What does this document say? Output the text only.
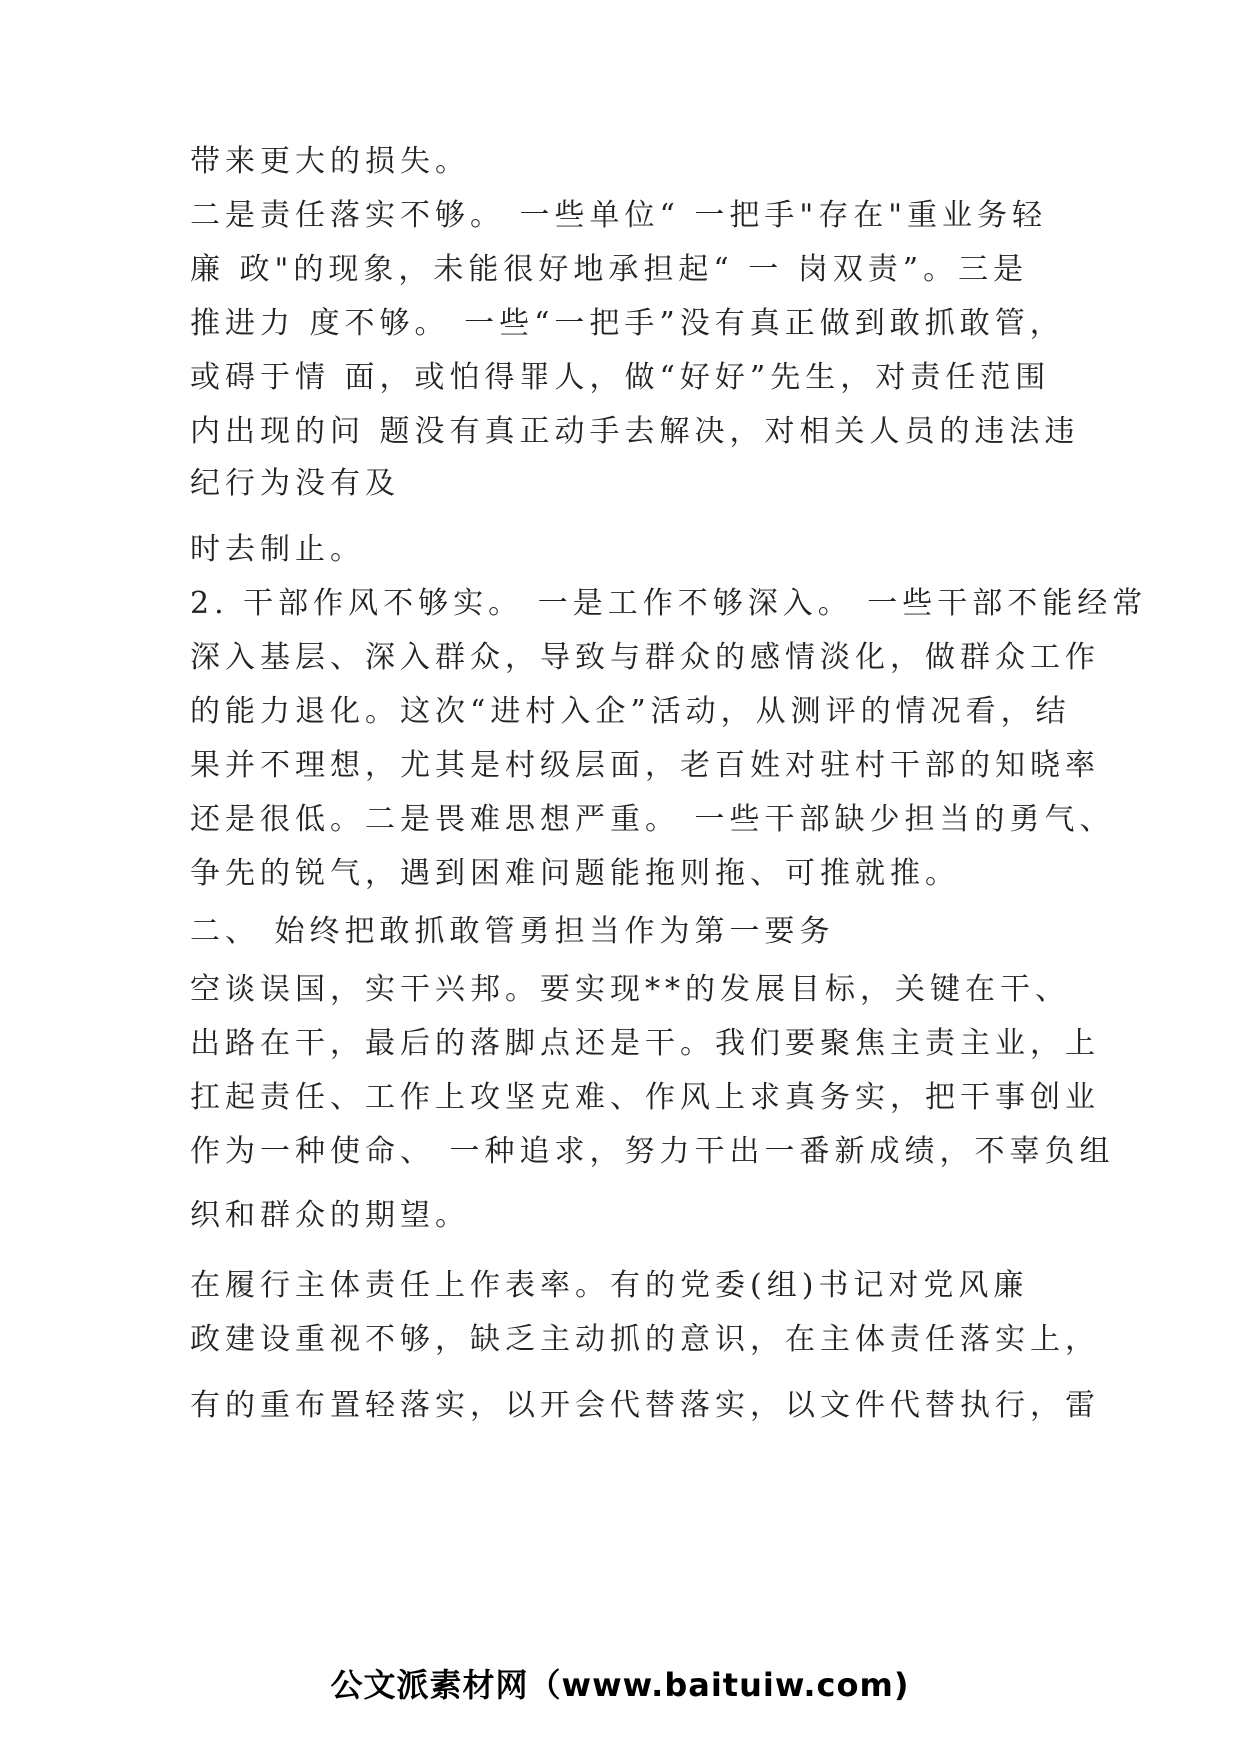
带来更大的损失。
二是责任落实不够。 一些单位“ 一把手"存在"重业务轻
廉 政"的现象，未能很好地承担起“ 一 岗双责”。三是
推进力 度不够。 一些“一把手”没有真正做到敢抓敢管，
或碍于情 面，或怕得罪人，做“好好”先生，对责任范围
内出现的问 题没有真正动手去解决，对相关人员的违法违
纪行为没有及
时去制止。
2. 干部作风不够实。 一是工作不够深入。 一些干部不能经常
深入基层、深入群众，导致与群众的感情淡化，做群众工作
的能力退化。这次“进村入企”活动，从测评的情况看，结
果并不理想，尤其是村级层面，老百姓对驻村干部的知晓率
还是很低。二是畏难思想严重。 一些干部缺少担当的勇气、
争先的锐气，遇到困难问题能拖则拖、可推就推。
二、 始终把敢抓敢管勇担当作为第一要务
空谈误国，实干兴邦。要实现**的发展目标，关键在干、
出路在干，最后的落脚点还是干。我们要聚焦主责主业，上
扛起责任、工作上攻坚克难、作风上求真务实，把干事创业
作为一种使命、 一种追求，努力干出一番新成绩，不辜负组
织和群众的期望。
在履行主体责任上作表率。有的党委(组)书记对党风廉
政建设重视不够，缺乏主动抓的意识，在主体责任落实上，
有的重布置轻落实，以开会代替落实，以文件代替执行，雷
公文派素材网（www.baituiw.com)
